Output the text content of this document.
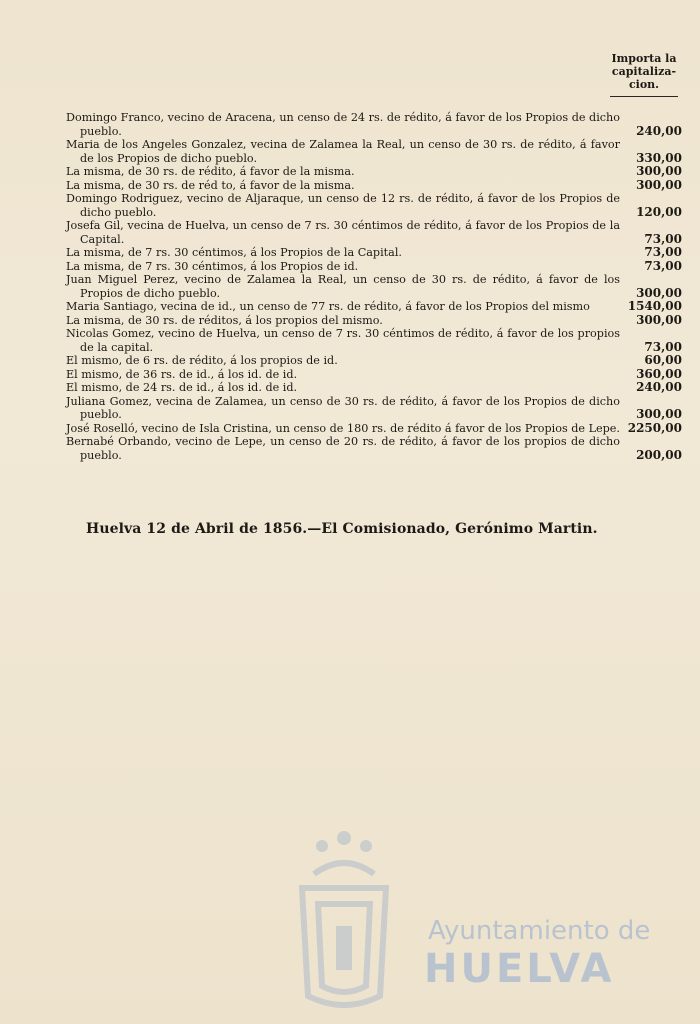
Importa la capitaliza-cion.
Domingo Franco, vecino de Aracena, un censo de 24 rs. de rédito, á favor de los Propios de dicho pueblo.	240,00
Maria de los Angeles Gonzalez, vecina de Zalamea la Real, un censo de 30 rs. de rédito, á favor de los Propios de dicho pueblo.	330,00
La misma, de 30 rs. de rédito, á favor de la misma.	300,00
La misma, de 30 rs. de réd to, á favor de la misma.	300,00
Domingo Rodriguez, vecino de Aljaraque, un censo de 12 rs. de rédito, á favor de los Propios de dicho pueblo.	120,00
Josefa Gil, vecina de Huelva, un censo de 7 rs. 30 céntimos de rédito, á favor de los Propios de la Capital.	73,00
La misma, de 7 rs. 30 céntimos, á los Propios de la Capital.	73,00
La misma, de 7 rs. 30 céntimos, á los Propios de id.	73,00
Juan Miguel Perez, vecino de Zalamea la Real, un censo de 30 rs. de rédito, á favor de los Propios de dicho pueblo.	300,00
Maria Santiago, vecina de id., un censo de 77 rs. de rédito, á favor de los Propios del mismo	1540,00
La misma, de 30 rs. de réditos, á los propios del mismo.	300,00
Nicolas Gomez, vecino de Huelva, un censo de 7 rs. 30 céntimos de rédito, á favor de los propios de la capital.	73,00
El mismo, de 6 rs. de rédito, á los propios de id.	60,00
El mismo, de 36 rs. de id., á los id. de id.	360,00
El mismo, de 24 rs. de id., á los id. de id.	240,00
Juliana Gomez, vecina de Zalamea, un censo de 30 rs. de rédito, á favor de los Propios de dicho pueblo.	300,00
José Roselló, vecino de Isla Cristina, un censo de 180 rs. de rédito á favor de los Propios de Lepe. 2250,00
Bernabé Orbando, vecino de Lepe, un censo de 20 rs. de rédito, á favor de los propios de dicho pueblo.	200,00
Huelva 12 de Abril de 1856.—El Comisionado, Gerónimo Martin.
Ayuntamiento de
HUELVA
